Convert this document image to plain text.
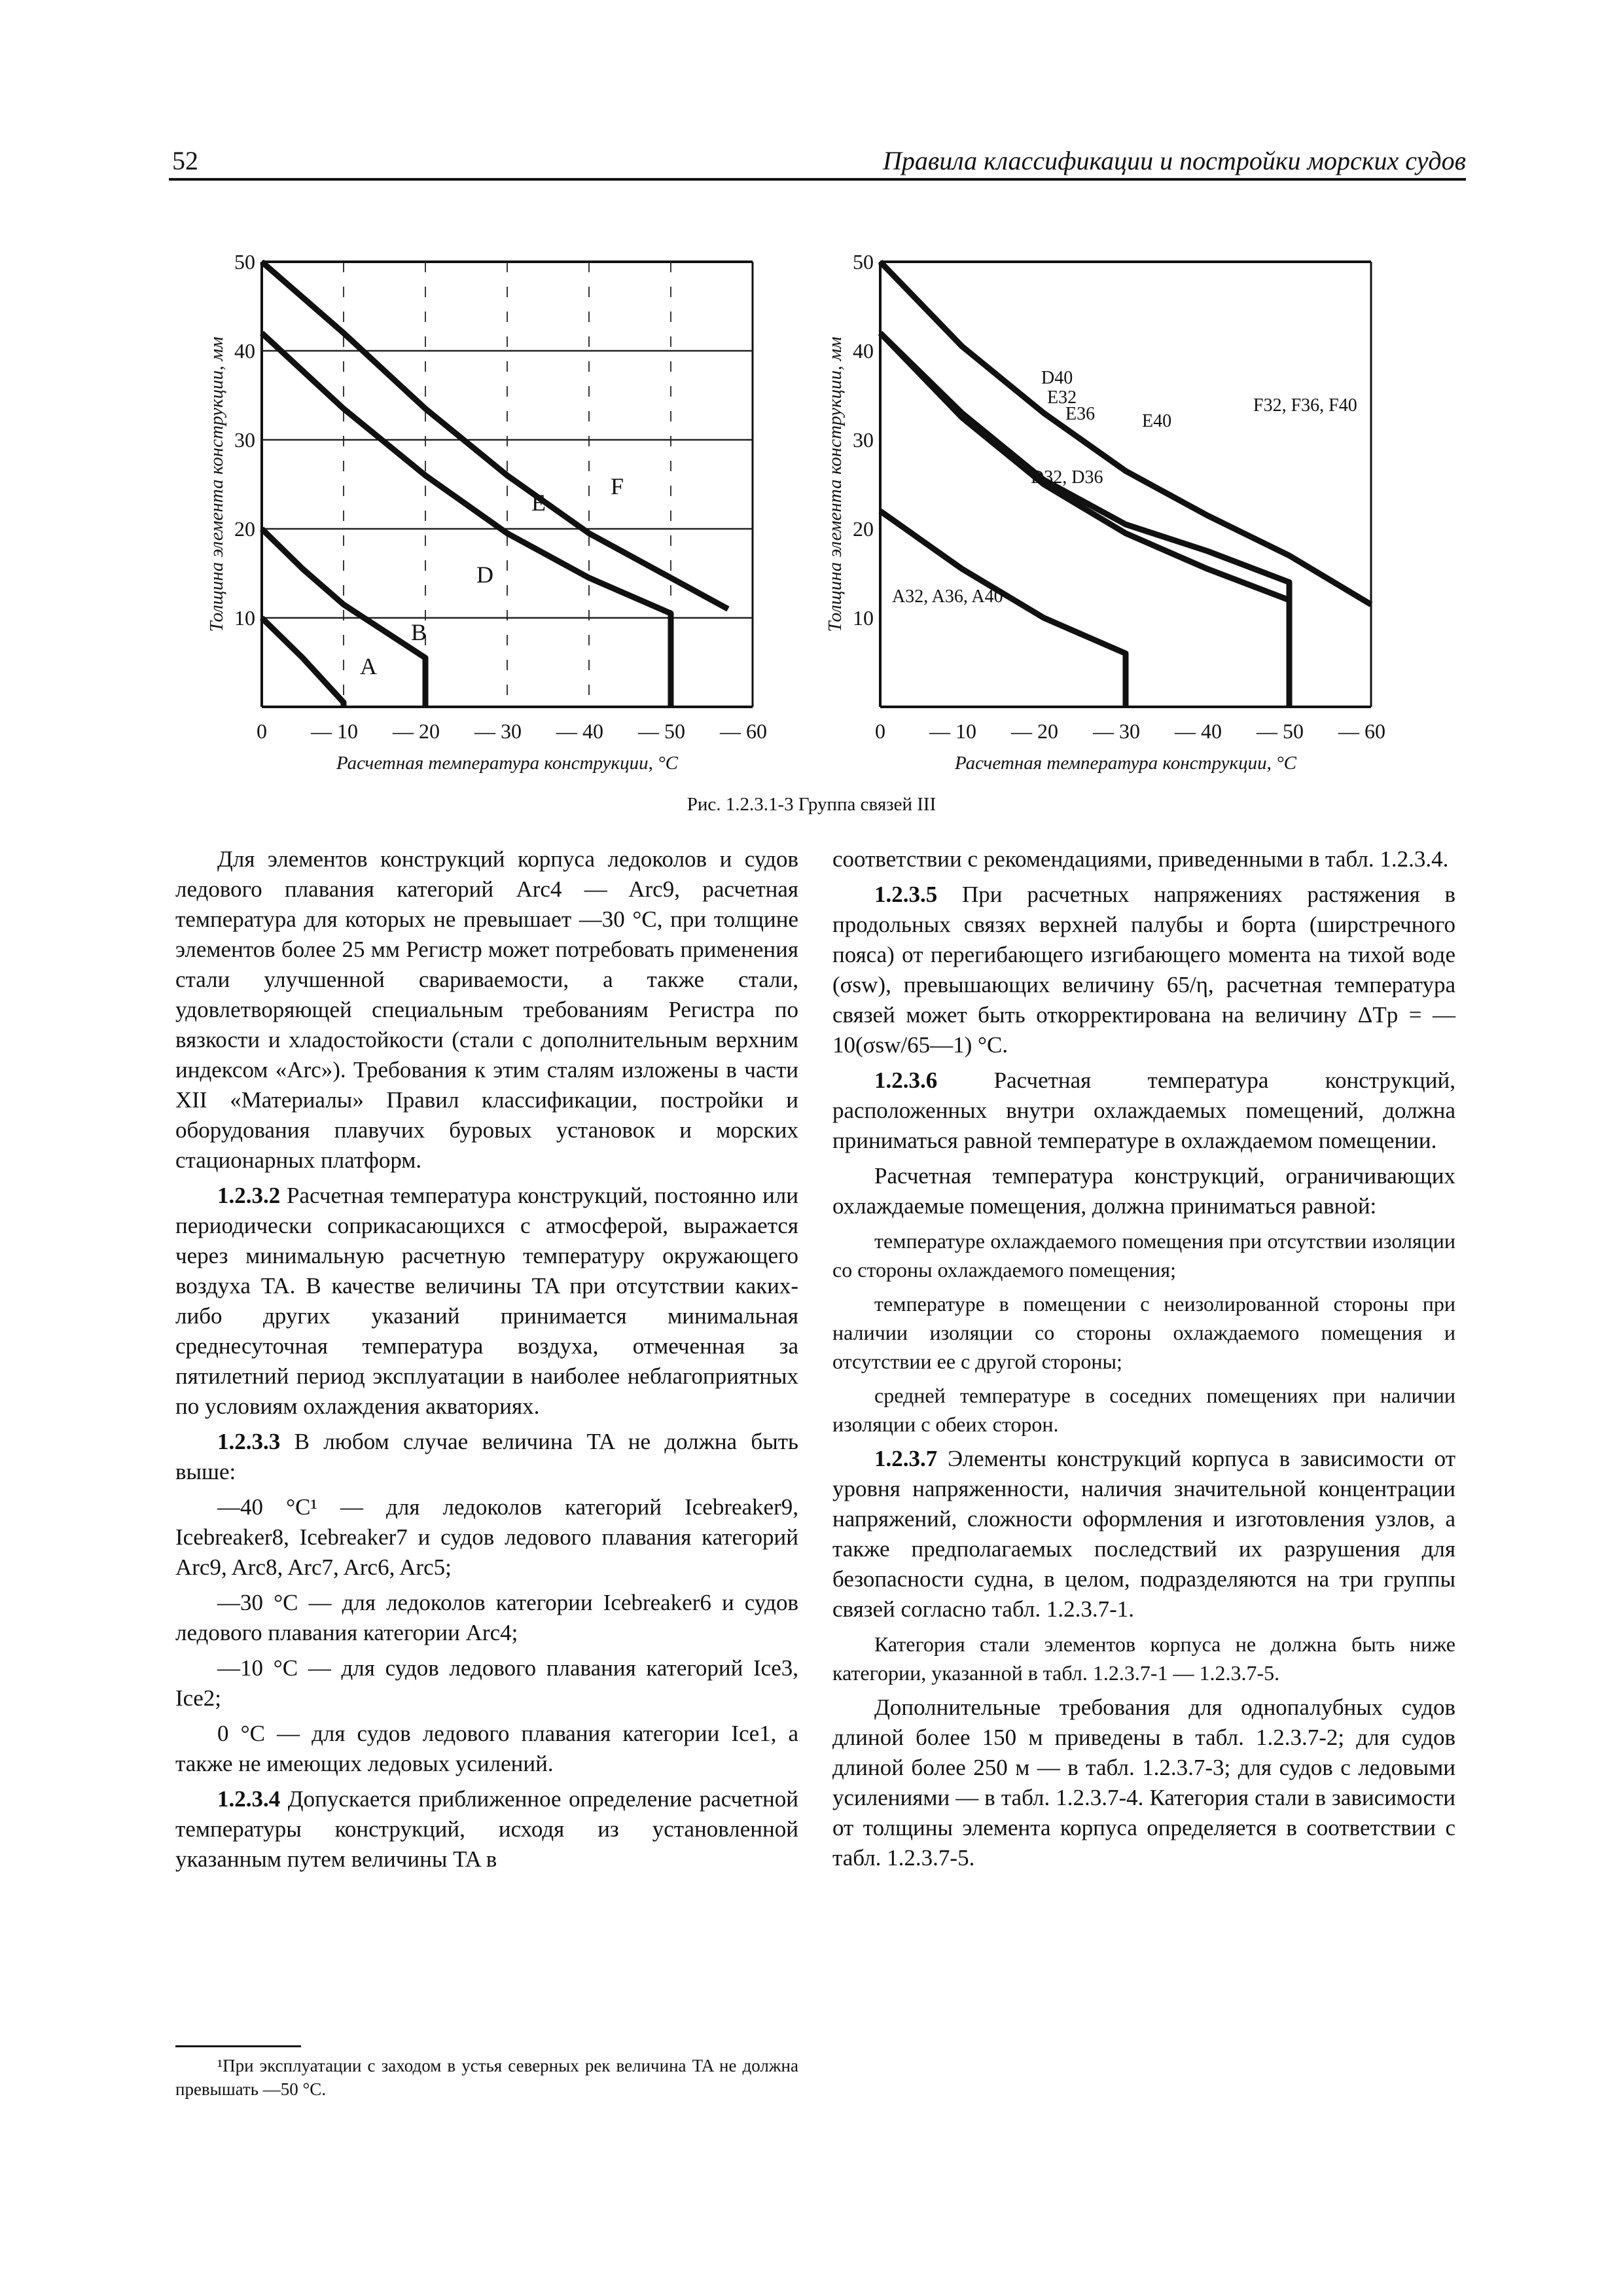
52	Правила классификации и постройки морских судов
10
20
30
40
50
0 — 10 — 20 — 30 — 40 — 50 — 60
Расчетная температура конструкции, °С
Толщина элемента конструкции, мм
A
B
D
E
F
10
20
30
40
50
0 — 10 — 20 — 30 — 40 — 50 — 60
Расчетная температура конструкции, °С
Толщина элемента конструкции, мм	D40
E32
E36	E40
F32, F36, F40
D32, D36
A32, A36, A40
Рис. 1.2.3.1-3 Группа связей III

Для элементов конструкций корпуса ледоколов и судов ледового плавания категорий Arc4 — Arc9, расчетная температура для которых не превышает —30 °С, при толщине элементов более 25 мм Регистр может потребовать применения стали улучшенной свариваемости, а также стали, удовлетворяющей специальным требованиям Регистра по вязкости и хладостойкости (стали с дополнительным верхним индексом «Arc»). Требования к этим сталям изложены в части XII «Материалы» Правил классификации, постройки и оборудования плавучих буровых установок и морских стационарных платформ.

1.2.3.2 Расчетная температура конструкций, постоянно или периодически соприкасающихся с атмосферой, выражается через минимальную расчетную температуру окружающего воздуха TA. В качестве величины TA при отсутствии каких-либо других указаний принимается минимальная среднесуточная температура воздуха, отмеченная за пятилетний период эксплуатации в наиболее неблагоприятных по условиям охлаждения акваториях.

1.2.3.3 В любом случае величина TA не должна быть выше:

—40 °С¹ — для ледоколов категорий Icebreaker9, Icebreaker8, Icebreaker7 и судов ледового плавания категорий Arc9, Arc8, Arc7, Arc6, Arc5;

—30 °С — для ледоколов категории Icebreaker6 и судов ледового плавания категории Arc4;

—10 °С — для судов ледового плавания категорий Ice3, Ice2;

0 °С — для судов ледового плавания категории Ice1, а также не имеющих ледовых усилений.

1.2.3.4 Допускается приближенное определение расчетной температуры конструкций, исходя из установленной указанным путем величины TA в

соответствии с рекомендациями, приведенными в табл. 1.2.3.4.

1.2.3.5 При расчетных напряжениях растяжения в продольных связях верхней палубы и борта (ширстречного пояса) от перегибающего изгибающего момента на тихой воде (σsw), превышающих величину 65/η, расчетная температура связей может быть откорректирована на величину ΔTp = —10(σsw/65—1) °С.

1.2.3.6 Расчетная температура конструкций, расположенных внутри охлаждаемых помещений, должна приниматься равной температуре в охлаждаемом помещении.

Расчетная температура конструкций, ограничивающих охлаждаемые помещения, должна приниматься равной:

температуре охлаждаемого помещения при отсутствии изоляции со стороны охлаждаемого помещения;

температуре в помещении с неизолированной стороны при наличии изоляции со стороны охлаждаемого помещения и отсутствии ее с другой стороны;

средней температуре в соседних помещениях при наличии изоляции с обеих сторон.

1.2.3.7 Элементы конструкций корпуса в зависимости от уровня напряженности, наличия значительной концентрации напряжений, сложности оформления и изготовления узлов, а также предполагаемых последствий их разрушения для безопасности судна, в целом, подразделяются на три группы связей согласно табл. 1.2.3.7-1.

Категория стали элементов корпуса не должна быть ниже категории, указанной в табл. 1.2.3.7-1 — 1.2.3.7-5.

Дополнительные требования для однопалубных судов длиной более 150 м приведены в табл. 1.2.3.7-2; для судов длиной более 250 м — в табл. 1.2.3.7-3; для судов с ледовыми усилениями — в табл. 1.2.3.7-4. Категория стали в зависимости от толщины элемента корпуса определяется в соответствии с табл. 1.2.3.7-5.

¹При эксплуатации с заходом в устья северных рек величина TA не должна превышать —50 °С.
